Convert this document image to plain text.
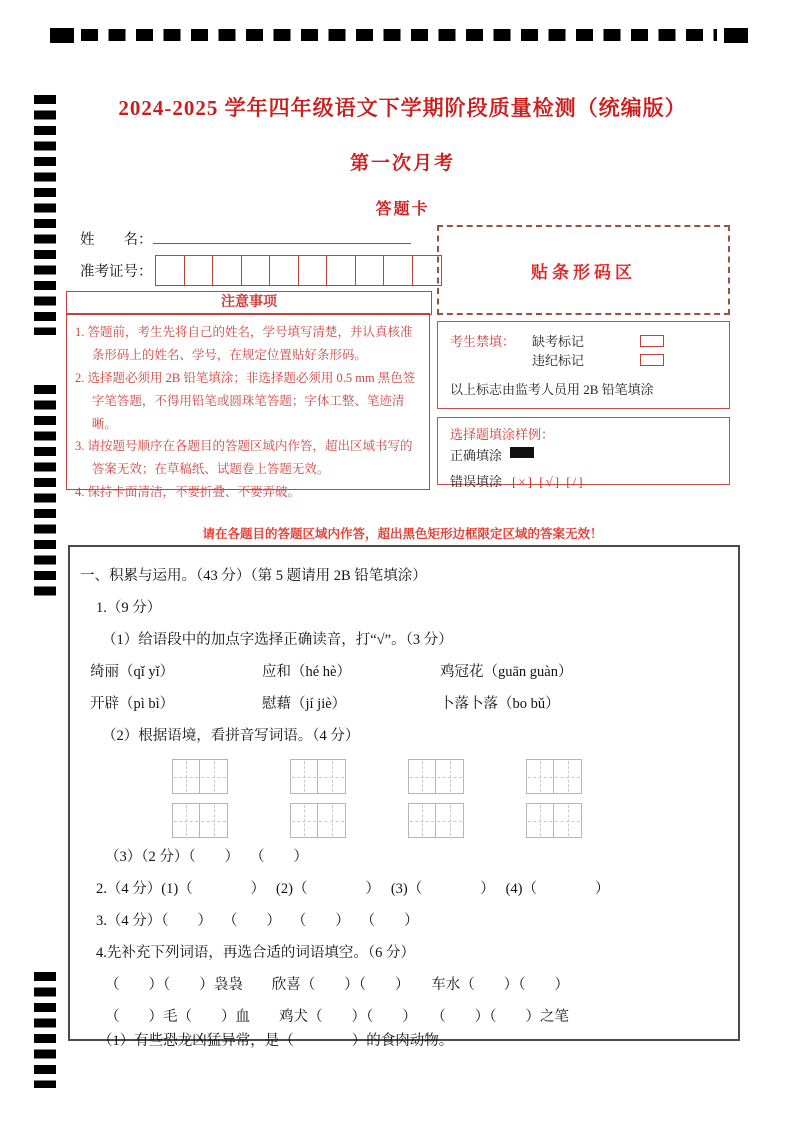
2024-2025 学年四年级语文下学期阶段质量检测（统编版）
第一次月考
答题卡
姓　　名：
准考证号：
注意事项
1. 答题前，考生先将自己的姓名，学号填写清楚，并认真核准条形码上的姓名、学号，在规定位置贴好条形码。
2. 选择题必须用 2B 铅笔填涂；非选择题必须用 0.5 mm 黑色签字笔答题，不得用铅笔或圆珠笔答题；字体工整、笔迹清晰。
3. 请按题号顺序在各题目的答题区域内作答，超出区域书写的答案无效；在草稿纸、试题卷上答题无效。
4. 保持卡面清洁，不要折叠、不要弄破。
贴条形码区
考生禁填：	缺考标记
违纪标记
以上标志由监考人员用 2B 铅笔填涂
选择题填涂样例：
正确填涂
错误填涂 [×] [√] [/]
请在各题目的答题区域内作答，超出黑色矩形边框限定区域的答案无效！
一、积累与运用。（43 分）（第 5 题请用 2B 铅笔填涂）
1.（9 分）
（1）给语段中的加点字选择正确读音，打“√”。（3 分）
绮丽（qǐ yǐ）	应和（hé hè）	鸡冠花（guān guàn）
开辟（pì bì）	慰藉（jí jiè）	卜落卜落（bo bǔ）
（2）根据语境，看拼音写词语。（4 分）
（3）（2 分）（　　）　 （　　）
2.（4 分）(1)（　　　　）　 (2)（　　　　）　 (3)（　　　　）　 (4)（　　　　）
3.（4 分）（　　）　 （　　）　 （　　）　 （　　）
4.先补充下列词语，再选合适的词语填空。（6 分）
（　　）（　　）袅袅　　欣喜（　　）（　　）　　车水（　　）（　　）
（　　）毛（　　）血　　鸡犬（　　）（　　）　　（　　）（　　）之笔
（1）有些恐龙凶猛异常，是（　　　　）的食肉动物。
